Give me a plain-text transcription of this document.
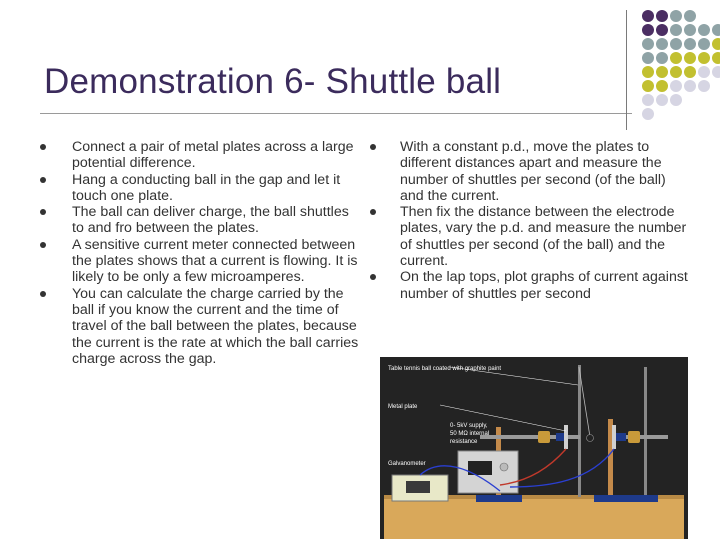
Demonstration 6- Shuttle ball
Connect a pair of metal plates across a large potential difference.
Hang a conducting ball in the gap and let it touch one plate.
The ball can deliver charge, the ball shuttles to and fro between the plates.
A sensitive current meter connected between the plates shows that a current is flowing. It is likely to be only a few microamperes.
You can calculate the charge carried by the ball if you know the current and the time of travel of the ball between the plates, because the current is the rate at which the ball carries charge across the gap.
With a constant p.d., move the plates to different distances apart and measure the number of shuttles per second (of the ball) and the current.
Then fix the distance between the electrode plates, vary the p.d. and measure the number of shuttles per second (of the ball) and the current.
On the lap tops, plot graphs of current against number of shuttles per second
Table tennis ball coated with graphite paint
Metal plate
0- 5kV supply,
50 MΩ internal
resistance
Galvanometer
